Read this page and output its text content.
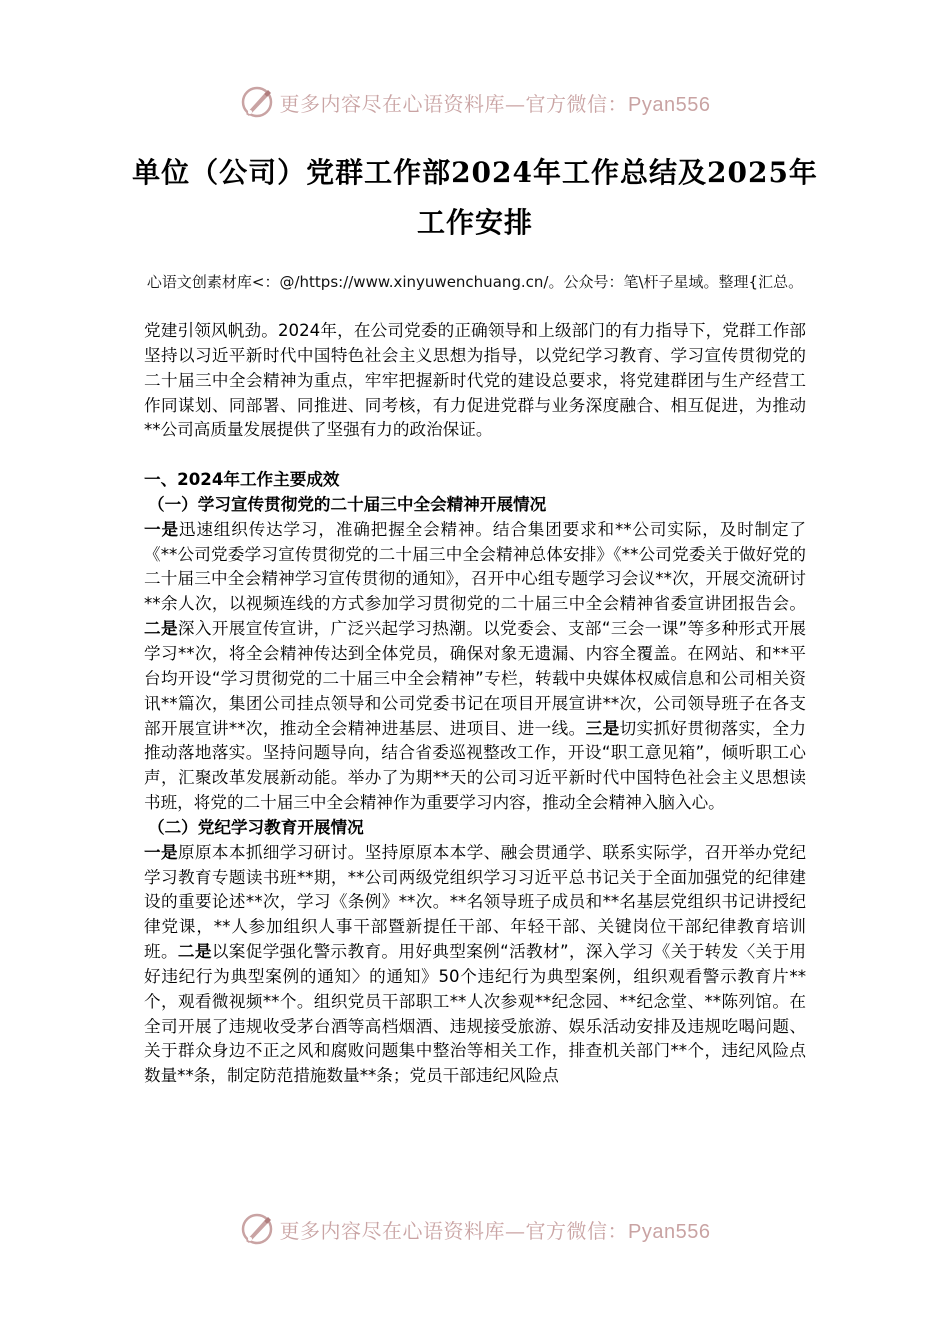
更多内容尽在心语资料库—官方微信：Pyan556
单位（公司）党群工作部2024年工作总结及2025年工作安排
心语文创素材库<：@/https://www.xinyuwenchuang.cn/。公众号：笔\杆子星域。整理{汇总。

党建引领风帆劲。2024年，在公司党委的正确领导和上级部门的有力指导下，党群工作部坚持以习近平新时代中国特色社会主义思想为指导，以党纪学习教育、学习宣传贯彻党的二十届三中全会精神为重点，牢牢把握新时代党的建设总要求，将党建群团与生产经营工作同谋划、同部署、同推进、同考核，有力促进党群与业务深度融合、相互促进，为推动**公司高质量发展提供了坚强有力的政治保证。

一、2024年工作主要成效

（一）学习宣传贯彻党的二十届三中全会精神开展情况

一是迅速组织传达学习，准确把握全会精神。结合集团要求和**公司实际，及时制定了《**公司党委学习宣传贯彻党的二十届三中全会精神总体安排》《**公司党委关于做好党的二十届三中全会精神学习宣传贯彻的通知》，召开中心组专题学习会议**次，开展交流研讨**余人次，以视频连线的方式参加学习贯彻党的二十届三中全会精神省委宣讲团报告会。二是深入开展宣传宣讲，广泛兴起学习热潮。以党委会、支部“三会一课”等多种形式开展学习**次，将全会精神传达到全体党员，确保对象无遗漏、内容全覆盖。在网站、和**平台均开设“学习贯彻党的二十届三中全会精神”专栏，转载中央媒体权威信息和公司相关资讯**篇次，集团公司挂点领导和公司党委书记在项目开展宣讲**次，公司领导班子在各支部开展宣讲**次，推动全会精神进基层、进项目、进一线。三是切实抓好贯彻落实，全力推动落地落实。坚持问题导向，结合省委巡视整改工作，开设“职工意见箱”，倾听职工心声，汇聚改革发展新动能。举办了为期**天的公司习近平新时代中国特色社会主义思想读书班，将党的二十届三中全会精神作为重要学习内容，推动全会精神入脑入心。

（二）党纪学习教育开展情况

一是原原本本抓细学习研讨。坚持原原本本学、融会贯通学、联系实际学，召开举办党纪学习教育专题读书班**期，**公司两级党组织学习习近平总书记关于全面加强党的纪律建设的重要论述**次，学习《条例》**次。**名领导班子成员和**名基层党组织书记讲授纪律党课，**人参加组织人事干部暨新提任干部、年轻干部、关键岗位干部纪律教育培训班。二是以案促学强化警示教育。用好典型案例“活教材”，深入学习《关于转发〈关于用好违纪行为典型案例的通知〉的通知》50个违纪行为典型案例，组织观看警示教育片**个，观看微视频**个。组织党员干部职工**人次参观**纪念园、**纪念堂、**陈列馆。在全司开展了违规收受茅台酒等高档烟酒、违规接受旅游、娱乐活动安排及违规吃喝问题、关于群众身边不正之风和腐败问题集中整治等相关工作，排查机关部门**个，违纪风险点数量**条，制定防范措施数量**条；党员干部违纪风险点

更多内容尽在心语资料库—官方微信：Pyan556
